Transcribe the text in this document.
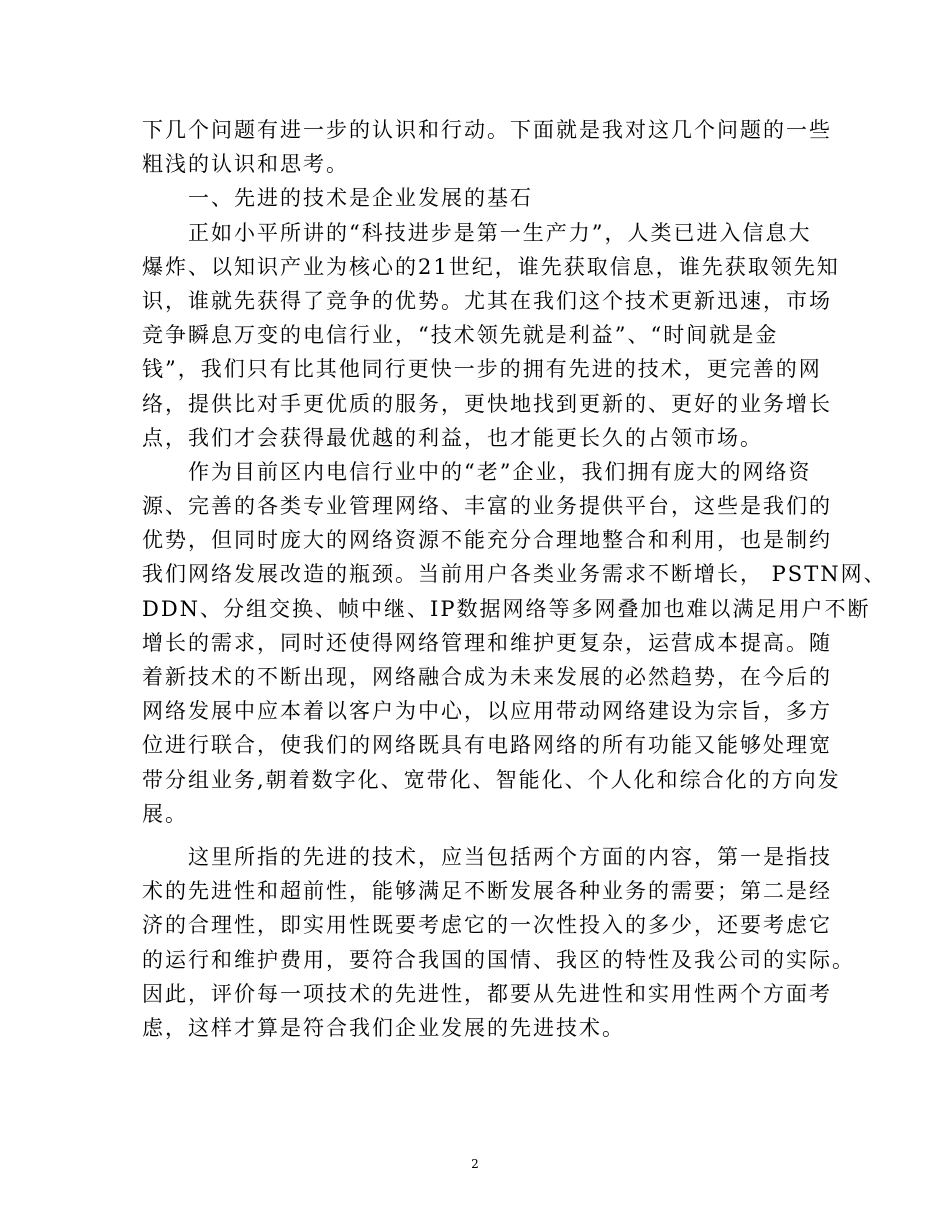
下几个问题有进一步的认识和行动。下面就是我对这几个问题的一些
粗浅的认识和思考。
　　一、先进的技术是企业发展的基石
　　正如小平所讲的“科技进步是第一生产力”，人类已进入信息大
爆炸、以知识产业为核心的21世纪，谁先获取信息，谁先获取领先知
识，谁就先获得了竞争的优势。尤其在我们这个技术更新迅速，市场
竞争瞬息万变的电信行业，“技术领先就是利益”、“时间就是金
钱”，我们只有比其他同行更快一步的拥有先进的技术，更完善的网
络，提供比对手更优质的服务，更快地找到更新的、更好的业务增长
点，我们才会获得最优越的利益，也才能更长久的占领市场。
　　作为目前区内电信行业中的“老”企业，我们拥有庞大的网络资
源、完善的各类专业管理网络、丰富的业务提供平台，这些是我们的
优势，但同时庞大的网络资源不能充分合理地整合和利用，也是制约
我们网络发展改造的瓶颈。当前用户各类业务需求不断增长， PSTN网、
DDN、分组交换、帧中继、IP数据网络等多网叠加也难以满足用户不断
增长的需求，同时还使得网络管理和维护更复杂，运营成本提高。随
着新技术的不断出现，网络融合成为未来发展的必然趋势，在今后的
网络发展中应本着以客户为中心，以应用带动网络建设为宗旨，多方
位进行联合，使我们的网络既具有电路网络的所有功能又能够处理宽
带分组业务,朝着数字化、宽带化、智能化、个人化和综合化的方向发
展。
　　这里所指的先进的技术，应当包括两个方面的内容，第一是指技
术的先进性和超前性，能够满足不断发展各种业务的需要；第二是经
济的合理性，即实用性既要考虑它的一次性投入的多少，还要考虑它
的运行和维护费用，要符合我国的国情、我区的特性及我公司的实际。
因此，评价每一项技术的先进性，都要从先进性和实用性两个方面考
虑，这样才算是符合我们企业发展的先进技术。
2
